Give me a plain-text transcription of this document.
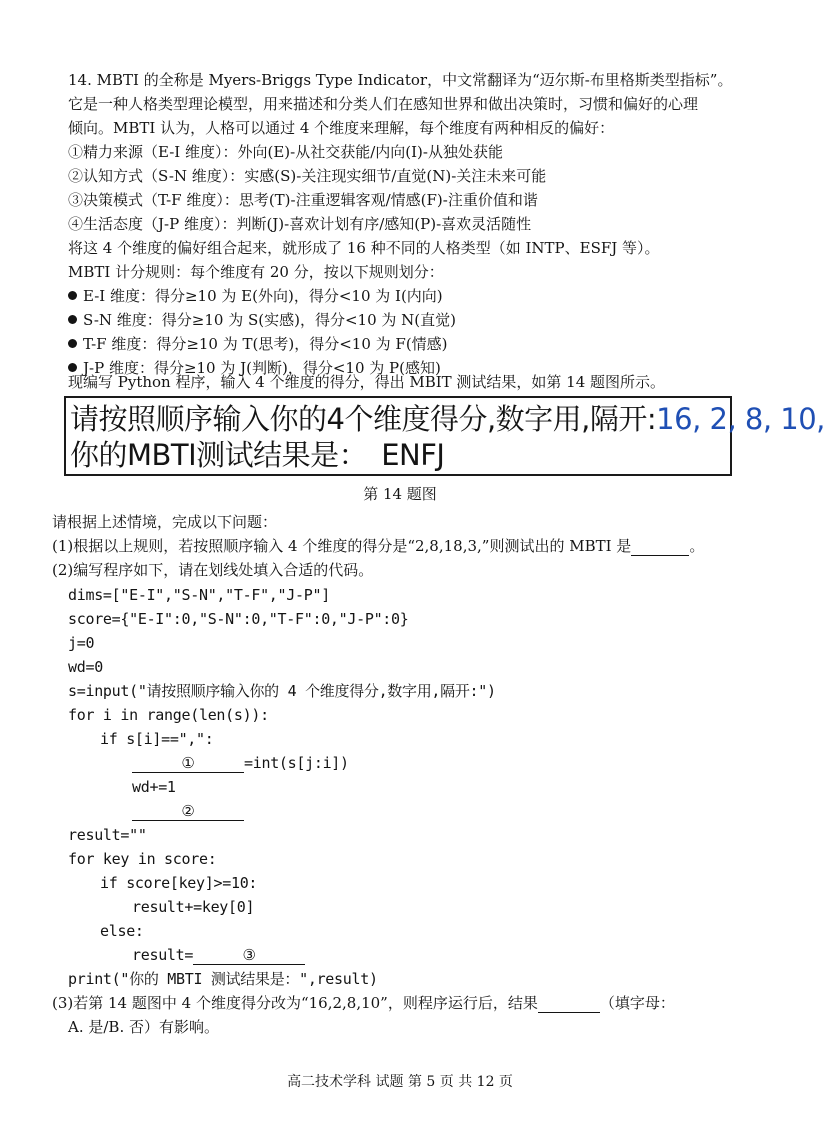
14. MBTI 的全称是 Myers-Briggs Type Indicator，中文常翻译为“迈尔斯-布里格斯类型指标”。
它是一种人格类型理论模型，用来描述和分类人们在感知世界和做出决策时，习惯和偏好的心理
倾向。MBTI 认为，人格可以通过 4 个维度来理解，每个维度有两种相反的偏好：
①精力来源（E-I 维度）：外向(E)-从社交获能/内向(I)-从独处获能
②认知方式（S-N 维度）：实感(S)-关注现实细节/直觉(N)-关注未来可能
③决策模式（T-F 维度）：思考(T)-注重逻辑客观/情感(F)-注重价值和谐
④生活态度（J-P 维度）：判断(J)-喜欢计划有序/感知(P)-喜欢灵活随性
将这 4 个维度的偏好组合起来，就形成了 16 种不同的人格类型（如 INTP、ESFJ 等）。
MBTI 计分规则：每个维度有 20 分，按以下规则划分：
E-I 维度：得分≥10 为 E(外向)，得分<10 为 I(内向)
S-N 维度：得分≥10 为 S(实感)，得分<10 为 N(直觉)
T-F 维度：得分≥10 为 T(思考)，得分<10 为 F(情感)
J-P 维度：得分≥10 为 J(判断)，得分<10 为 P(感知)
现编写 Python 程序，输入 4 个维度的得分，得出 MBIT 测试结果，如第 14 题图所示。
请按照顺序输入你的4个维度得分,数字用,隔开:16, 2, 8, 10,
你的MBTI测试结果是： ENFJ
第 14 题图
请根据上述情境，完成以下问题：
(1)根据以上规则，若按照顺序输入 4 个维度的得分是“2,8,18,3,”则测试出的 MBTI 是	。
(2)编写程序如下，请在划线处填入合适的代码。
dims=["E-I","S-N","T-F","J-P"]
score={"E-I":0,"S-N":0,"T-F":0,"J-P":0}
j=0
wd=0
s=input("请按照顺序输入你的 4 个维度得分,数字用,隔开:")
for i in range(len(s)):
if s[i]==",":
①	=int(s[j:i])
wd+=1
②
result=""
for key in score:
if score[key]>=10:
result+=key[0]
else:
result=	③
print("你的 MBTI 测试结果是：",result)
(3)若第 14 题图中 4 个维度得分改为“16,2,8,10”，则程序运行后，结果	（填字母：
A. 是/B. 否）有影响。
高二技术学科 试题 第 5 页 共 12 页
